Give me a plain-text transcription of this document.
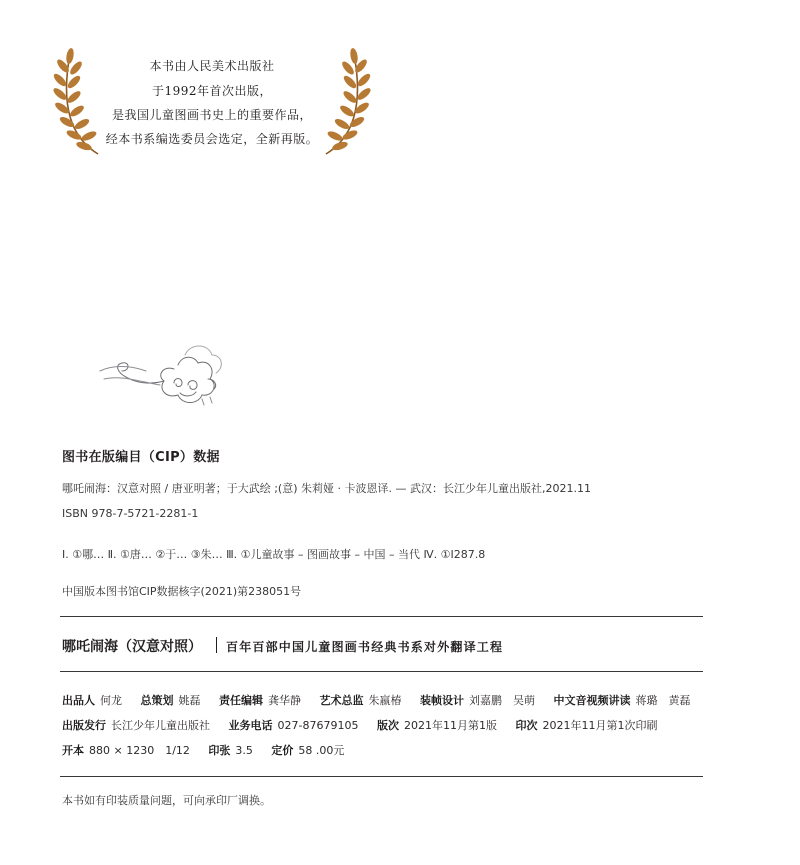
本书由人民美术出版社
于1992年首次出版，
是我国儿童图画书史上的重要作品，
经本书系编选委员会选定，全新再版。
图书在版编目（CIP）数据
哪吒闹海：汉意对照 / 唐亚明著；于大武绘 ;(意) 朱莉娅 · 卡波恩译. — 武汉：长江少年儿童出版社,2021.11
ISBN 978-7-5721-2281-1
Ⅰ. ①哪… Ⅱ. ①唐… ②于… ③朱… Ⅲ. ①儿童故事 – 图画故事 – 中国 – 当代 Ⅳ. ①I287.8
中国版本图书馆CIP数据核字(2021)第238051号
哪吒闹海（汉意对照） 百年百部中国儿童图画书经典书系对外翻译工程
出品人 何龙 总策划 姚磊 责任编辑 龚华静 艺术总监 朱嬴椿 装帧设计 刘嘉鹏　吴萌 中文音视频讲读 蒋璐　黄磊
出版发行 长江少年儿童出版社 业务电话 027-87679105 版次 2021年11月第1版 印次 2021年11月第1次印刷
开本 880 × 1230　1/12 印张 3.5 定价 58 .00元
本书如有印装质量问题，可向承印厂调换。
